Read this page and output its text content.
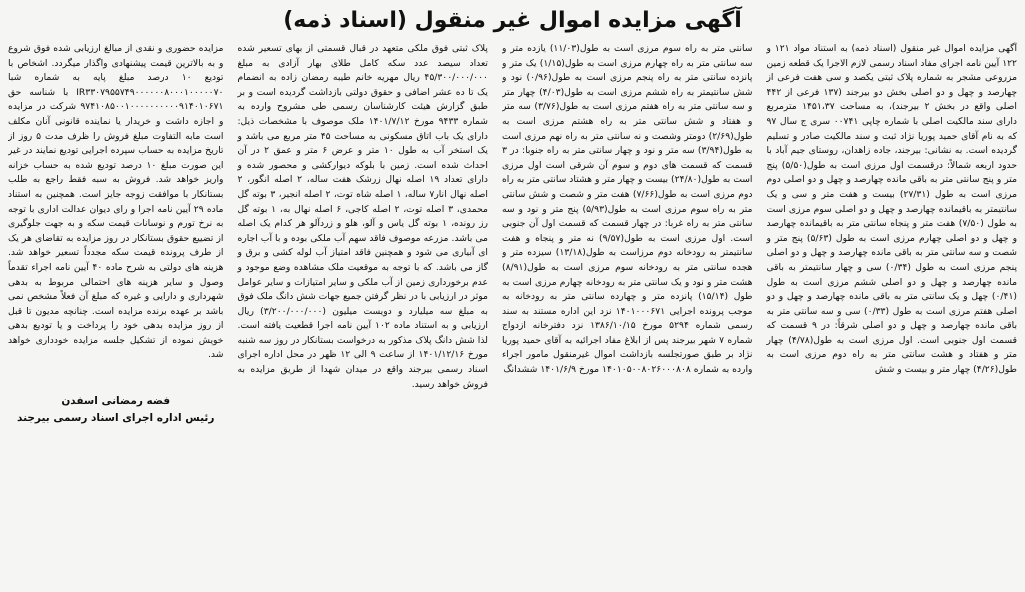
آگهی مزایده اموال غیر منقول (اسناد ذمه)

آگهی مزایده اموال غیر منقول (اسناد ذمه) به استناد مواد ۱۲۱ و ۱۲۲ آیین نامه اجرای مفاد اسناد رسمی لازم الاجرا یک قطعه زمین مزروعی مشجر به شماره پلاک ثبتی یکصد و سی هفت فرعی از چهارصد و چهل و دو اصلی بخش دو بیرجند (۱۳۷ فرعی از ۴۴۲ اصلی واقع در بخش ۲ بیرجند)، به مساحت ۱۴۵۱،۳۷ مترمربع دارای سند مالکیت اصلی با شماره چاپی ۰۰۷۴۱ سری ج سال ۹۷ که به نام آقای حمید پوریا نژاد ثبت و سند مالکیت صادر و تسلیم گردیده است. به نشانی: بیرجند، جاده زاهدان، روستای جیم آباد با حدود اربعه شمالاً: درقسمت اول مرزی است به طول(۵/۵۰) پنج متر و پنج سانتی متر به باقی مانده چهارصد و چهل و دو اصلی دوم مرزی است به طول (۲۷/۳۱) بیست و هفت متر و سی و یک سانتیمتر به باقیمانده چهارصد و چهل و دو اصلی سوم مرزی است به طول (۷/۵۰) هفت متر و پنجاه سانتی متر به باقیمانده چهارصد و چهل و دو اصلی چهارم مرزی است به طول (۵/۶۳) پنج متر و شصت و سه سانتی متر به باقی مانده چهارصد و چهل و دو اصلی پنجم مرزی است به طول (۰/۳۴) سی و چهار سانتیمتر به باقی مانده چهارصد و چهل و دو اصلی ششم مرزی است به طول (۰/۴۱) چهل و یک سانتی متر به باقی مانده چهارصد و چهل و دو اصلی هفتم مرزی است به طول (۰/۳۳) سی و سه سانتی متر به باقی مانده چهارصد و چهل و دو اصلی شرقاً: در ۹ قسمت که قسمت اول جنوبی است. اول مرزی است به طول(۴/۷۸) چهار متر و هفتاد و هشت سانتی متر به راه دوم مرزی است به طول(۴/۲۶) چهار متر و بیست و شش

سانتی متر به راه سوم مرزی است به طول(۱۱/۰۳) یازده متر و سه سانتی متر به راه چهارم مرزی است به طول(۱/۱۵) یک متر و پانزده سانتی متر به راه پنجم مرزی است به طول(۰/۹۶) نود و شش سانتیمتر به راه ششم مرزی است به طول(۴/۰۳) چهار متر و سه سانتی متر به راه هفتم مرزی است به طول(۳/۷۶) سه متر و هفتاد و شش سانتی متر به راه هشتم مرزی است به طول(۲/۶۹) دومتر وشصت و نه سانتی متر به راه نهم مرزی است به طول(۳/۹۴) سه متر و نود و چهار سانتی متر به راه جنوبا: در ۳ قسمت که قسمت های دوم و سوم آن شرقی است اول مرزی است به طول(۲۴/۸۰) بیست و چهار متر و هشتاد سانتی متر به راه دوم مرزی است به طول(۷/۶۶) هفت متر و شصت و شش سانتی متر به راه سوم مرزی است به طول(۵/۹۳) پنج متر و نود و سه سانتی متر به راه غربا: در چهار قسمت که قسمت اول آن جنوبی است. اول مرزی است به طول(۹/۵۷) نه متر و پنجاه و هفت سانتیمتر به رودخانه دوم مرزاست به طول(۱۳/۱۸) سیزده متر و هجده سانتی متر به رودخانه سوم مرزی است به طول(۸/۹۱) هشت متر و نود و یک سانتی متر به رودخانه چهارم مرزی است به طول (۱۵/۱۴) پانزده متر و چهارده سانتی متر به رودخانه به موجب پرونده اجرایی ۱۴۰۱۰۰۰۶۷۱ نزد این اداره مستند به سند رسمی شماره ۵۲۹۴ مورخ ۱۳۸۶/۱۰/۱۵ نزد دفترخانه ازدواج شماره ۷ شهر بیرجند پس از ابلاغ مفاد اجرائیه به آقای حمید پوریا نژاد بر طبق صورتجلسه بازداشت اموال غیرمنقول مامور اجراء وارده به شماره ۱۴۰۱۰۵۰۰۸۰۲۶۰۰۰۸۰۸ مورخ ۱۴۰۱/۶/۹ ششدانگ

پلاک ثبتی فوق ملکی متعهد در قبال قسمتی از بهای تسعیر شده تعداد سیصد عدد سکه کامل طلای بهار آزادی به مبلغ ۴۵/۳۰۰/۰۰۰/۰۰۰ ریال مهریه خانم طیبه رمضان زاده به انضمام یک تا ده عشر اضافی و حقوق دولتی بازداشت گردیده است و بر طبق گزارش هیئت کارشناسان رسمی طی مشروح وارده به شماره ۹۴۳۳ مورخ ۱۴۰۱/۷/۱۲ ملک موصوف با مشخصات ذیل: دارای یک باب اتاق مسکونی به مساحت ۴۵ متر مربع می باشد و یک استخر آب به طول ۱۰ متر و عرض ۶ متر و عمق ۲ در آن احداث شده است. زمین با بلوکه دیوارکشی و محصور شده و دارای تعداد ۱۹ اصله نهال زرشک هفت ساله، ۲ اصله انگور، ۲ اصله نهال انار۷ ساله، ۱ اصله شاه توت، ۲ اصله انجیر، ۳ بوته گل محمدی، ۳ اصله توت، ۲ اصله کاجی، ۶ اصله نهال به، ۱ بوته گل رز رونده، ۱ بوته گل یاس و آلو، هلو و زردآلو هر کدام یک اصله می باشد. مزرعه موصوف فاقد سهم آب ملکی بوده و با آب اجاره ای آبیاری می شود و همچنین فاقد امتیاز آب لوله کشی و برق و گاز می باشد. که با توجه به موقعیت ملک مشاهده وضع موجود و عدم برخورداری زمین از آب ملکی و سایر امتیازات و سایر عوامل موثر در ارزیابی با در نظر گرفتن جمیع جهات شش دانگ ملک فوق به مبلغ سه میلیارد و دویست میلیون (۳/۲۰۰/۰۰۰/۰۰۰) ریال ارزیابی و به استناد ماده ۱۰۲ آیین نامه اجرا قطعیت یافته است. لذا شش دانگ پلاک مذکور به درخواست بستانکار در روز سه شنبه مورخ ۱۴۰۱/۱۲/۱۶ از ساعت ۹ الی ۱۲ ظهر در محل اداره اجرای اسناد رسمی بیرجند واقع در میدان شهدا از طریق مزایده به فروش خواهد رسید.

مزایده حضوری و نقدی از مبالغ ارزیابی شده فوق شروع و به بالاترین قیمت پیشنهادی واگذار میگردد. اشخاص با تودیع ۱۰ درصد مبلغ پایه به شماره شبا IR۳۳۰۷۹۵۵۷۴۹۰۰۰۰۰۰۸۰۰۰۱۰۰۰۰۰۷۰ با شناسه حق ۹۷۴۱۰۸۵۰۰۱۰۰۰۰۰۰۰۰۰۰۹۱۴۰۱۰۶۷۱ شرکت در مزایده و اجازه داشت و خریدار یا نماینده قانونی آنان مکلف است مابه التفاوت مبلغ فروش را ظرف مدت ۵ روز از تاریخ مزایده به حساب سپرده اجرایی تودیع نمایند در غیر این صورت مبلغ ۱۰ درصد تودیع شده به حساب خزانه واریز خواهد شد. فروش به سبه فقط راجع به طلب بستانکار با موافقت زوجه جایز است. همچنین به استناد ماده ۲۹ آیین نامه اجرا و رای دیوان عدالت اداری با توجه به نرخ تورم و نوسانات قیمت سکه و به جهت جلوگیری از تضییع حقوق بستانکار در روز مزایده به تقاضای هر یک از طرف پرونده قیمت سکه مجدداً تسعیر خواهد شد. هزینه های دولتی به شرح ماده ۴۰ آیین نامه اجراء تقدماً وصول و سایر هزینه های احتمالی مربوط به بدهی شهرداری و دارایی و غیره که مبلغ آن فعلاً مشخص نمی باشد بر عهده برنده مزایده است. چنانچه مدیون تا قبل از روز مزایده بدهی خود را پرداخت و یا تودیع بدهی خویش نموده از تشکیل جلسه مزایده خودداری خواهد شد.

فضه رمضانی اسفدن
رئیس اداره اجرای اسناد رسمی بیرجند
